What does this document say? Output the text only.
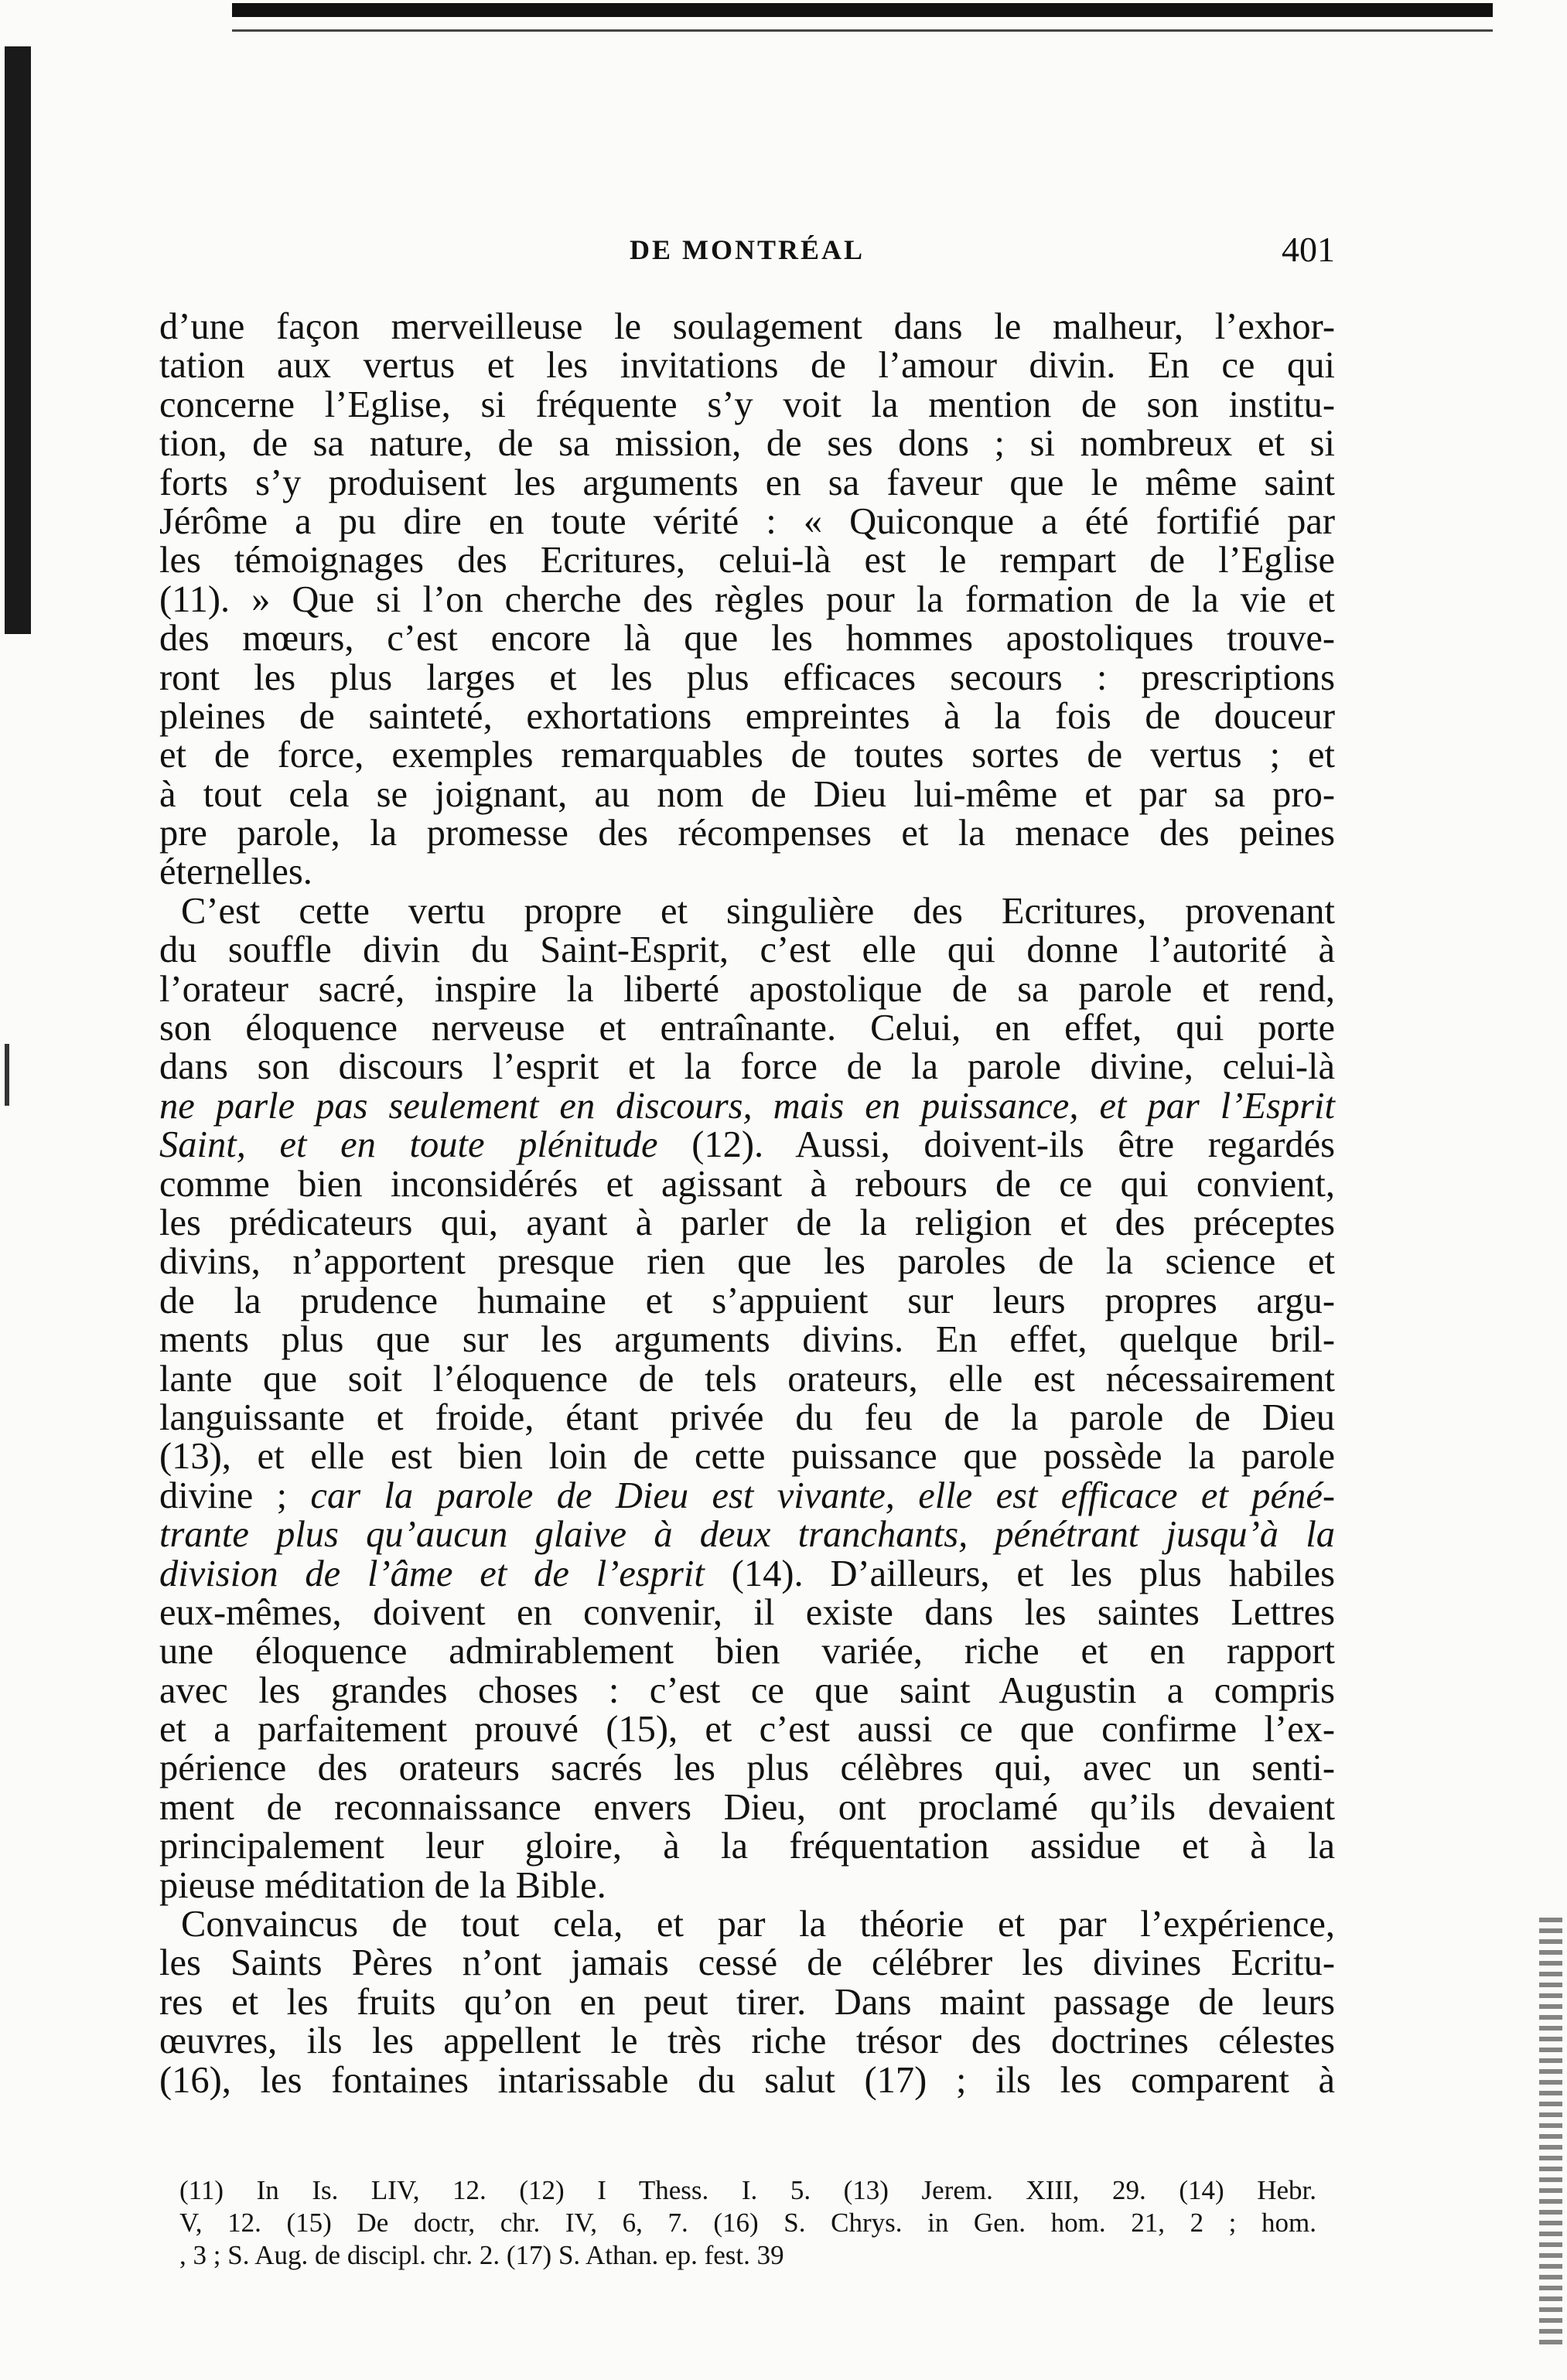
DE MONTRÉAL	401
d’une façon merveilleuse le soulagement dans le malheur, l’exhor-
tation aux vertus et les invitations de l’amour divin. En ce qui
concerne l’Eglise, si fréquente s’y voit la mention de son institu-
tion, de sa nature, de sa mission, de ses dons ; si nombreux et si
forts s’y produisent les arguments en sa faveur que le même saint
Jérôme a pu dire en toute vérité : « Quiconque a été fortifié par
les témoignages des Ecritures, celui-là est le rempart de l’Eglise
(11). » Que si l’on cherche des règles pour la formation de la vie et
des mœurs, c’est encore là que les hommes apostoliques trouve-
ront les plus larges et les plus efficaces secours : prescriptions
pleines de sainteté, exhortations empreintes à la fois de douceur
et de force, exemples remarquables de toutes sortes de vertus ; et
à tout cela se joignant, au nom de Dieu lui-même et par sa pro-
pre parole, la promesse des récompenses et la menace des peines
éternelles.
C’est cette vertu propre et singulière des Ecritures, provenant
du souffle divin du Saint-Esprit, c’est elle qui donne l’autorité à
l’orateur sacré, inspire la liberté apostolique de sa parole et rend,
son éloquence nerveuse et entraînante. Celui, en effet, qui porte
dans son discours l’esprit et la force de la parole divine, celui-là
ne parle pas seulement en discours, mais en puissance, et par l’Esprit
Saint, et en toute plénitude (12). Aussi, doivent-ils être regardés
comme bien inconsidérés et agissant à rebours de ce qui convient,
les prédicateurs qui, ayant à parler de la religion et des préceptes
divins, n’apportent presque rien que les paroles de la science et
de la prudence humaine et s’appuient sur leurs propres argu-
ments plus que sur les arguments divins. En effet, quelque bril-
lante que soit l’éloquence de tels orateurs, elle est nécessairement
languissante et froide, étant privée du feu de la parole de Dieu
(13), et elle est bien loin de cette puissance que possède la parole
divine ; car la parole de Dieu est vivante, elle est efficace et péné-
trante plus qu’aucun glaive à deux tranchants, pénétrant jusqu’à la
division de l’âme et de l’esprit (14). D’ailleurs, et les plus habiles
eux-mêmes, doivent en convenir, il existe dans les saintes Lettres
une éloquence admirablement bien variée, riche et en rapport
avec les grandes choses : c’est ce que saint Augustin a compris
et a parfaitement prouvé (15), et c’est aussi ce que confirme l’ex-
périence des orateurs sacrés les plus célèbres qui, avec un senti-
ment de reconnaissance envers Dieu, ont proclamé qu’ils devaient
principalement leur gloire, à la fréquentation assidue et à la
pieuse méditation de la Bible.
Convaincus de tout cela, et par la théorie et par l’expérience,
les Saints Pères n’ont jamais cessé de célébrer les divines Ecritu-
res et les fruits qu’on en peut tirer. Dans maint passage de leurs
œuvres, ils les appellent le très riche trésor des doctrines célestes
(16), les fontaines intarissable du salut (17) ; ils les comparent à
(11) In Is. LIV, 12. (12) I Thess. I. 5. (13) Jerem. XIII, 29. (14) Hebr.
V, 12. (15) De doctr, chr. IV, 6, 7. (16) S. Chrys. in Gen. hom. 21, 2 ; hom.
, 3 ; S. Aug. de discipl. chr. 2. (17) S. Athan. ep. fest. 39
